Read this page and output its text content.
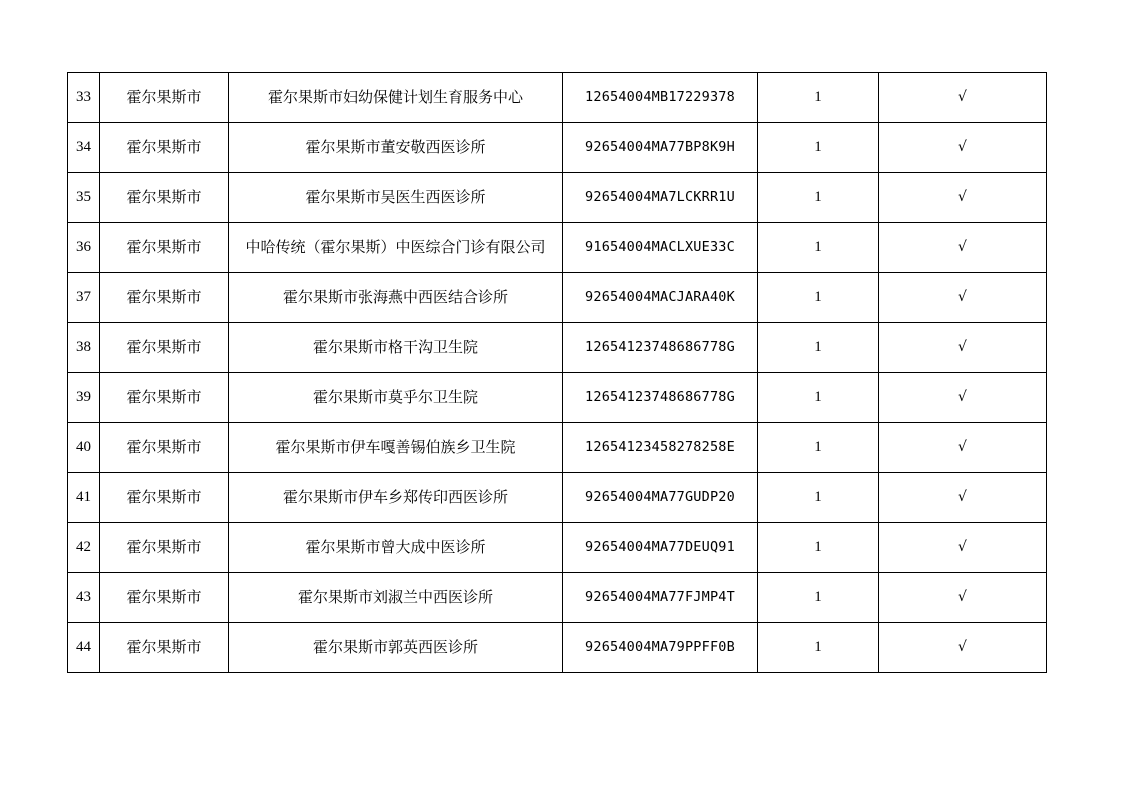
33	霍尔果斯市	霍尔果斯市妇幼保健计划生育服务中心	12654004MB17229378	1	√
34	霍尔果斯市	霍尔果斯市董安敬西医诊所	92654004MA77BP8K9H	1	√
35	霍尔果斯市	霍尔果斯市吴医生西医诊所	92654004MA7LCKRR1U	1	√
36	霍尔果斯市	中哈传统（霍尔果斯）中医综合门诊有限公司	91654004MACLXUE33C	1	√
37	霍尔果斯市	霍尔果斯市张海燕中西医结合诊所	92654004MACJARA40K	1	√
38	霍尔果斯市	霍尔果斯市格干沟卫生院	12654123748686778G	1	√
39	霍尔果斯市	霍尔果斯市莫乎尔卫生院	12654123748686778G	1	√
40	霍尔果斯市	霍尔果斯市伊车嘎善锡伯族乡卫生院	12654123458278258E	1	√
41	霍尔果斯市	霍尔果斯市伊车乡郑传印西医诊所	92654004MA77GUDP20	1	√
42	霍尔果斯市	霍尔果斯市曾大成中医诊所	92654004MA77DEUQ91	1	√
43	霍尔果斯市	霍尔果斯市刘淑兰中西医诊所	92654004MA77FJMP4T	1	√
44	霍尔果斯市	霍尔果斯市郭英西医诊所	92654004MA79PPFF0B	1	√
